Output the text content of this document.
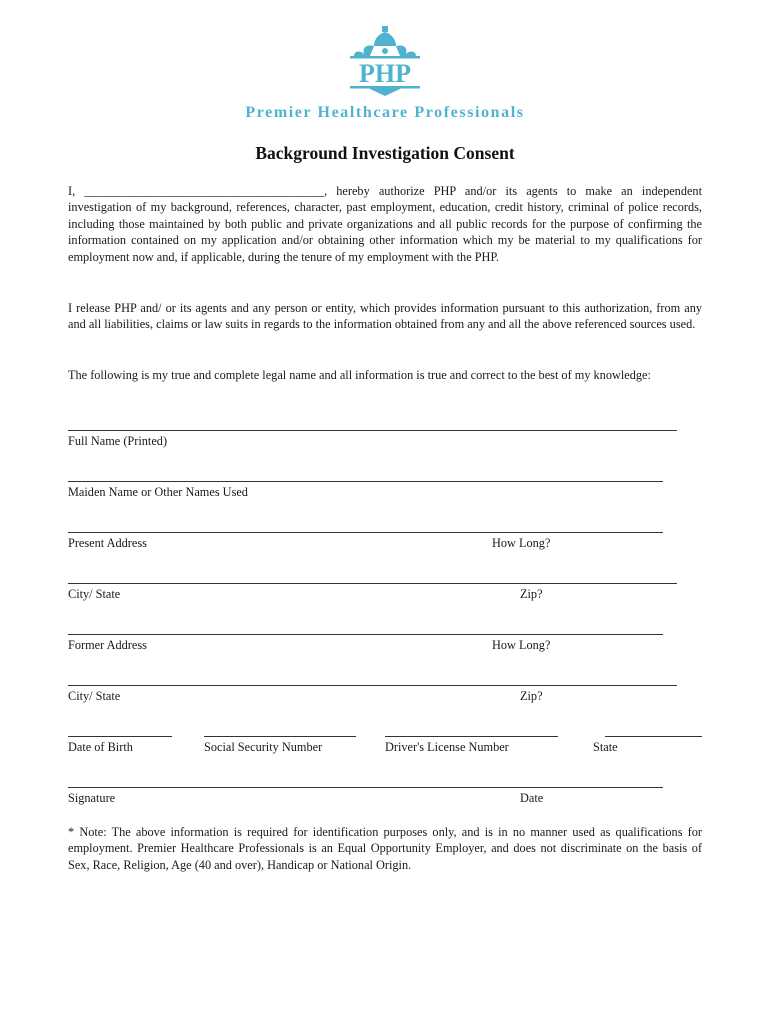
PHP
Premier Healthcare Professionals
Background Investigation Consent

I, _______________________________________, hereby authorize PHP and/or its agents to make an independent investigation of my background, references, character, past employment, education, credit history, criminal of police records, including those maintained by both public and private organizations and all public records for the purpose of confirming the information contained on my application and/or obtaining other information which my be material to my qualifications for employment now and, if applicable, during the tenure of my employment with the PHP.

I release PHP and/ or its agents and any person or entity, which provides information pursuant to this authorization, from any and all liabilities, claims or law suits in regards to the information obtained from any and all the above referenced sources used.

The following is my true and complete legal name and all information is true and correct to the best of my knowledge:

Full Name (Printed)
Maiden Name or Other Names Used
Present Address	How Long?
City/ State	Zip?
Former Address	How Long?
City/ State	Zip?
Date of Birth	Social Security Number	Driver's License Number	State
Signature	Date

* Note: The above information is required for identification purposes only, and is in no manner used as qualifications for employment. Premier Healthcare Professionals is an Equal Opportunity Employer, and does not discriminate on the basis of Sex, Race, Religion, Age (40 and over), Handicap or National Origin.
